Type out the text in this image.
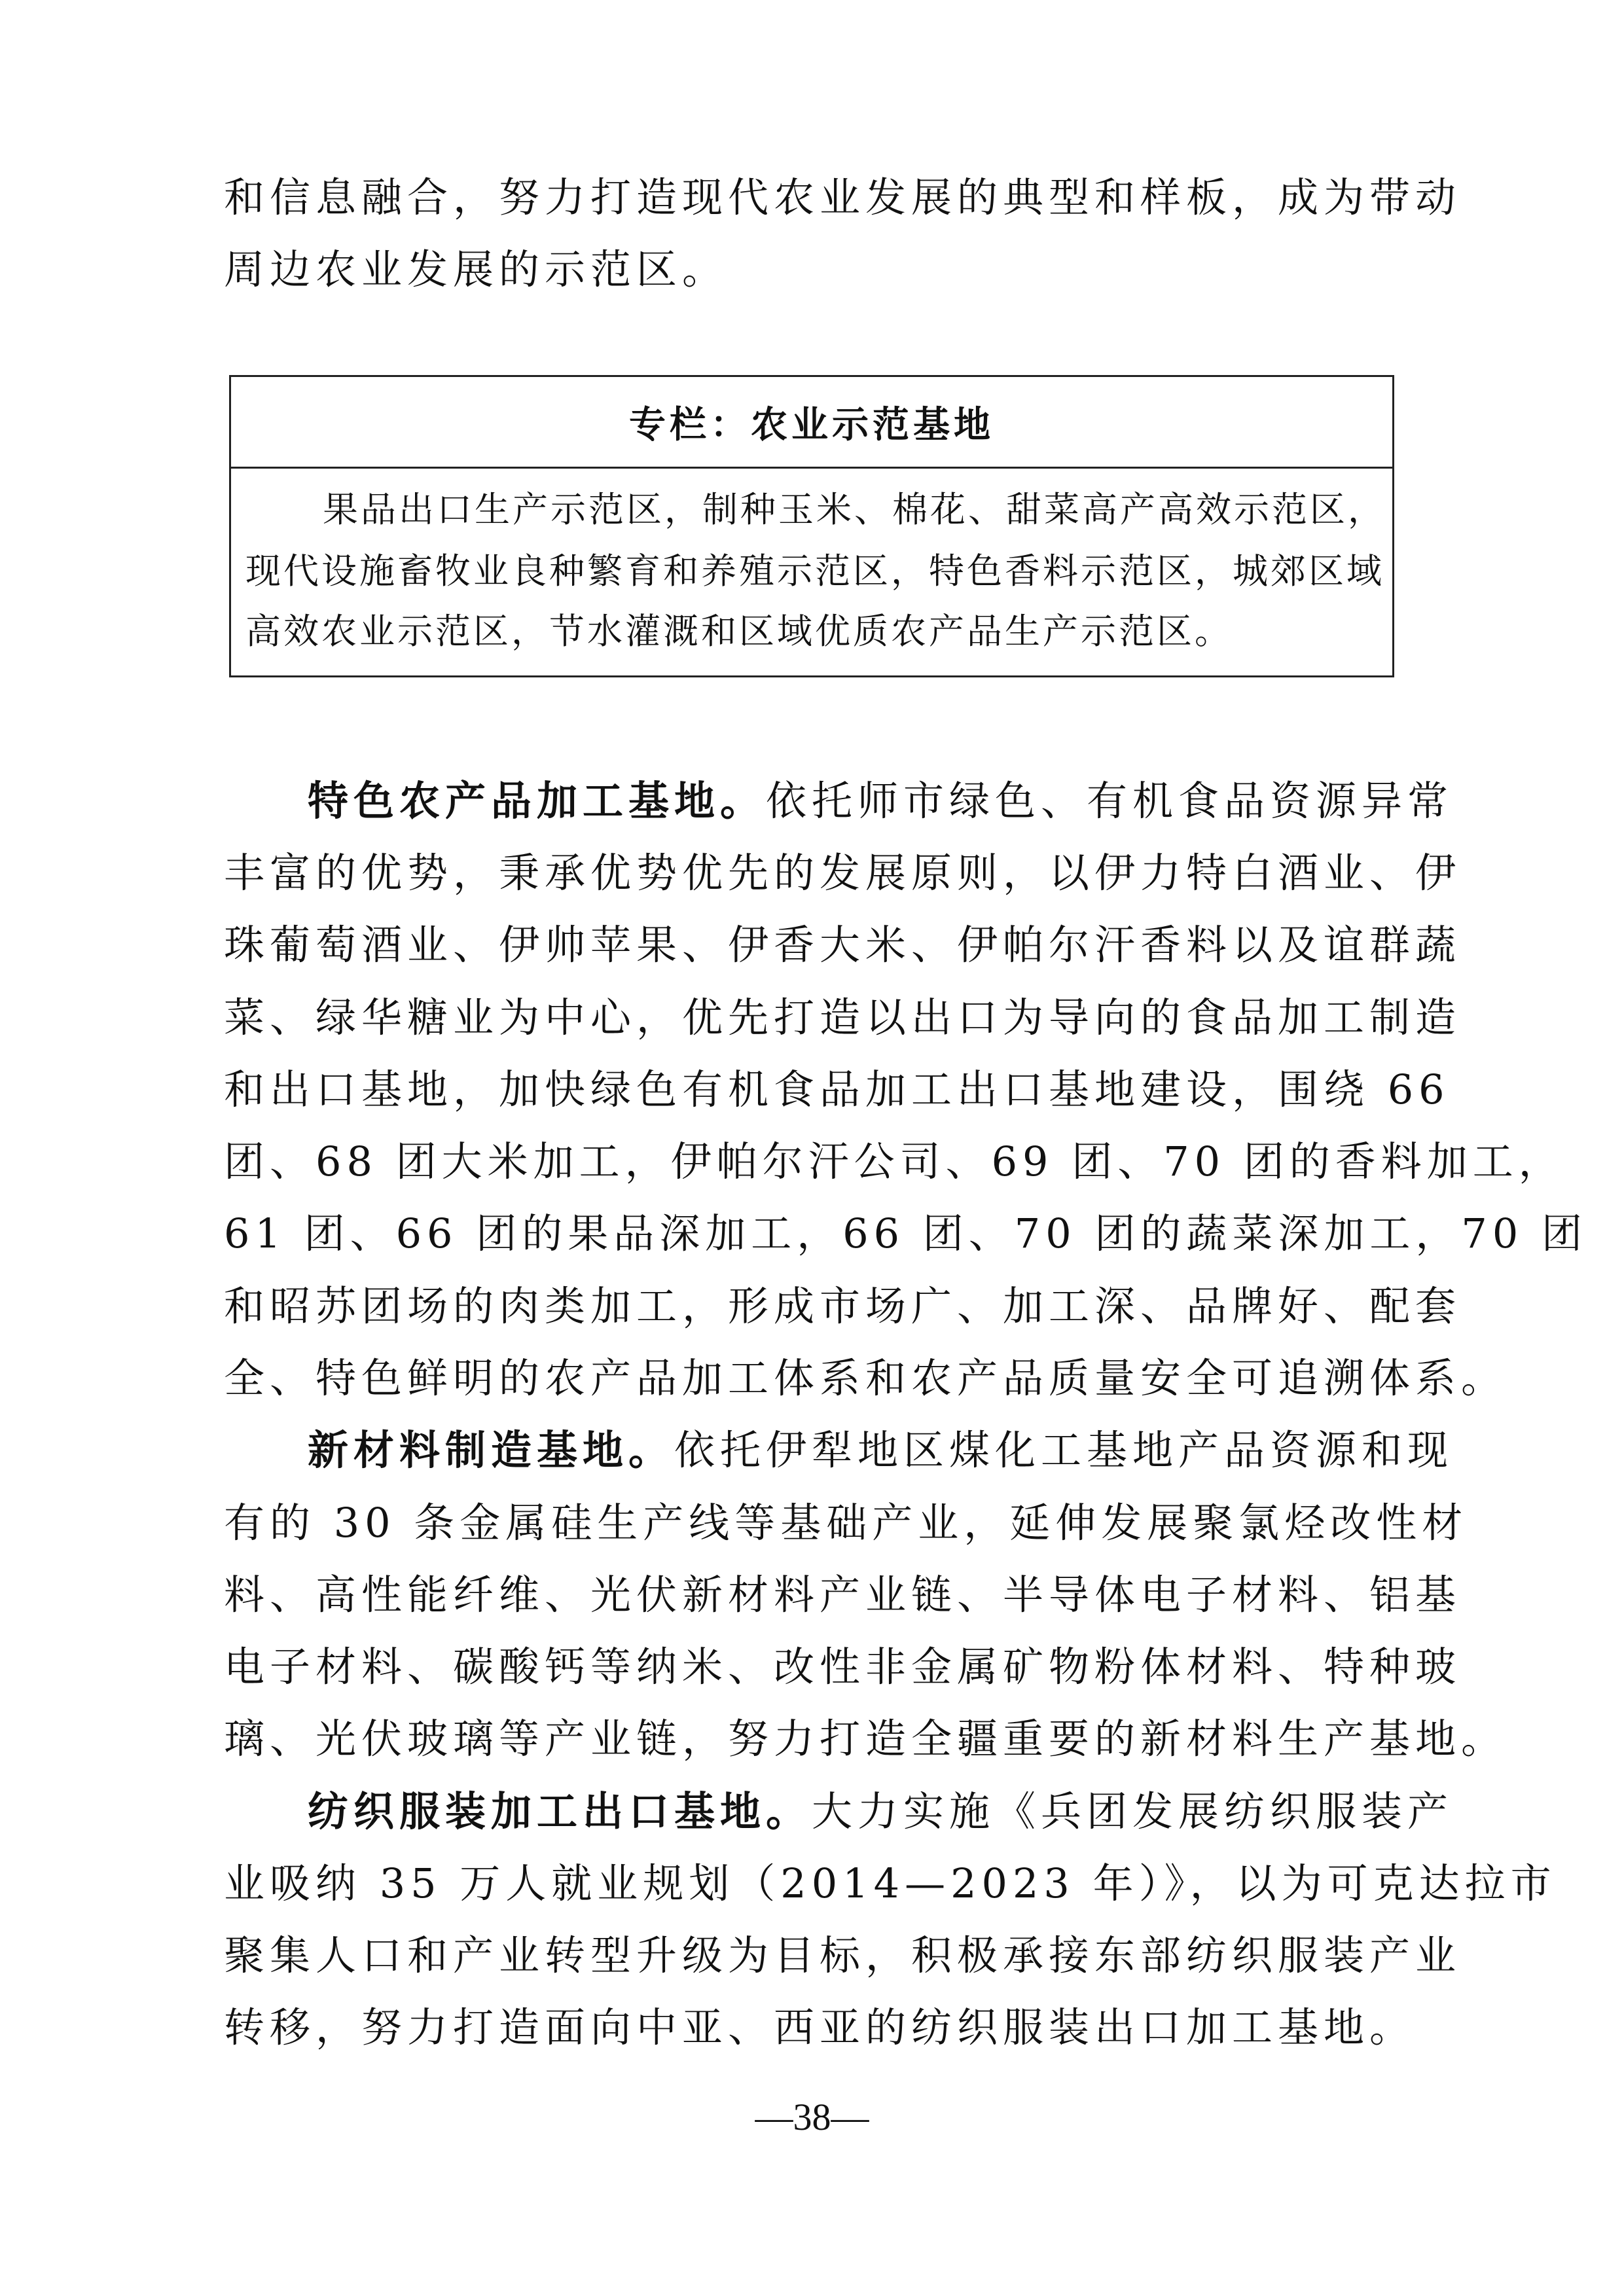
和信息融合，努力打造现代农业发展的典型和样板，成为带动
周边农业发展的示范区。
专栏：农业示范基地
果品出口生产示范区，制种玉米、棉花、甜菜高产高效示范区，
现代设施畜牧业良种繁育和养殖示范区，特色香料示范区，城郊区域
高效农业示范区，节水灌溉和区域优质农产品生产示范区。
特色农产品加工基地。依托师市绿色、有机食品资源异常
丰富的优势，秉承优势优先的发展原则，以伊力特白酒业、伊
珠葡萄酒业、伊帅苹果、伊香大米、伊帕尔汗香料以及谊群蔬
菜、绿华糖业为中心，优先打造以出口为导向的食品加工制造
和出口基地，加快绿色有机食品加工出口基地建设，围绕 66
团、68 团大米加工，伊帕尔汗公司、69 团、70 团的香料加工，
61 团、66 团的果品深加工，66 团、70 团的蔬菜深加工，70 团
和昭苏团场的肉类加工，形成市场广、加工深、品牌好、配套
全、特色鲜明的农产品加工体系和农产品质量安全可追溯体系。
新材料制造基地。依托伊犁地区煤化工基地产品资源和现
有的 30 条金属硅生产线等基础产业，延伸发展聚氯烃改性材
料、高性能纤维、光伏新材料产业链、半导体电子材料、铝基
电子材料、碳酸钙等纳米、改性非金属矿物粉体材料、特种玻
璃、光伏玻璃等产业链，努力打造全疆重要的新材料生产基地。
纺织服装加工出口基地。大力实施《兵团发展纺织服装产
业吸纳 35 万人就业规划（2014—2023 年）》，以为可克达拉市
聚集人口和产业转型升级为目标，积极承接东部纺织服装产业
转移，努力打造面向中亚、西亚的纺织服装出口加工基地。
—38—
